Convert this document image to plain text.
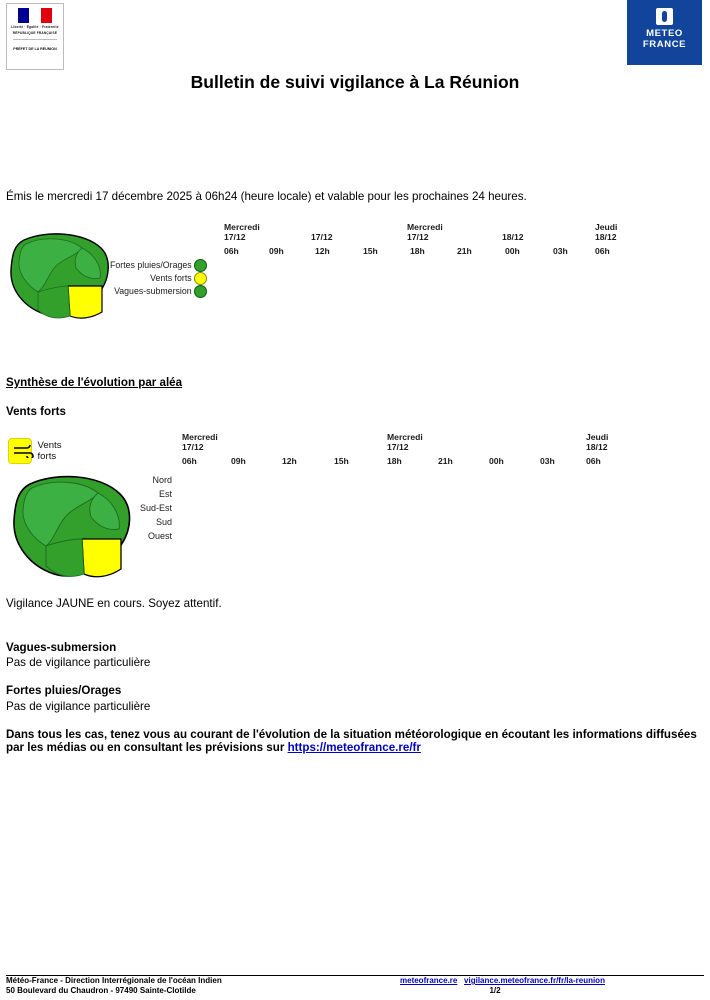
Liberté · Égalité · Fraternité
RÉPUBLIQUE FRANÇAISE
PRÉFET DE LA RÉUNION
METEO
FRANCE
Bulletin de suivi vigilance à La Réunion
Émis le mercredi 17 décembre 2025 à 06h24 (heure locale) et valable pour les prochaines 24 heures.
Mercredi
17/12	17/12
Mercredi
17/12	18/12
Jeudi
18/12
06h	09h	12h	15h	18h	21h	00h	03h	06h
Fortes pluies/Orages																
Vents forts																
Vagues-submersion																
Synthèse de l'évolution par aléa
Vents forts
Vents forts
Mercredi
17/12
Mercredi
17/12
Jeudi
18/12
06h	09h	12h	15h	18h	21h	00h	03h	06h
Nord																
Est																
Sud-Est																
Sud																
Ouest																
Vigilance JAUNE en cours. Soyez attentif.
Vagues-submersion
Pas de vigilance particulière
Fortes pluies/Orages
Pas de vigilance particulière
Dans tous les cas, tenez vous au courant de l'évolution de la situation météorologique en écoutant les informations diffusées par les médias ou en consultant les prévisions sur https://meteofrance.re/fr
Météo-France - Direction Interrégionale de l'océan Indien
50 Boulevard du Chaudron - 97490 Sainte-Clotilde
meteofrance.re vigilance.meteofrance.fr/fr/la-reunion
1/2
